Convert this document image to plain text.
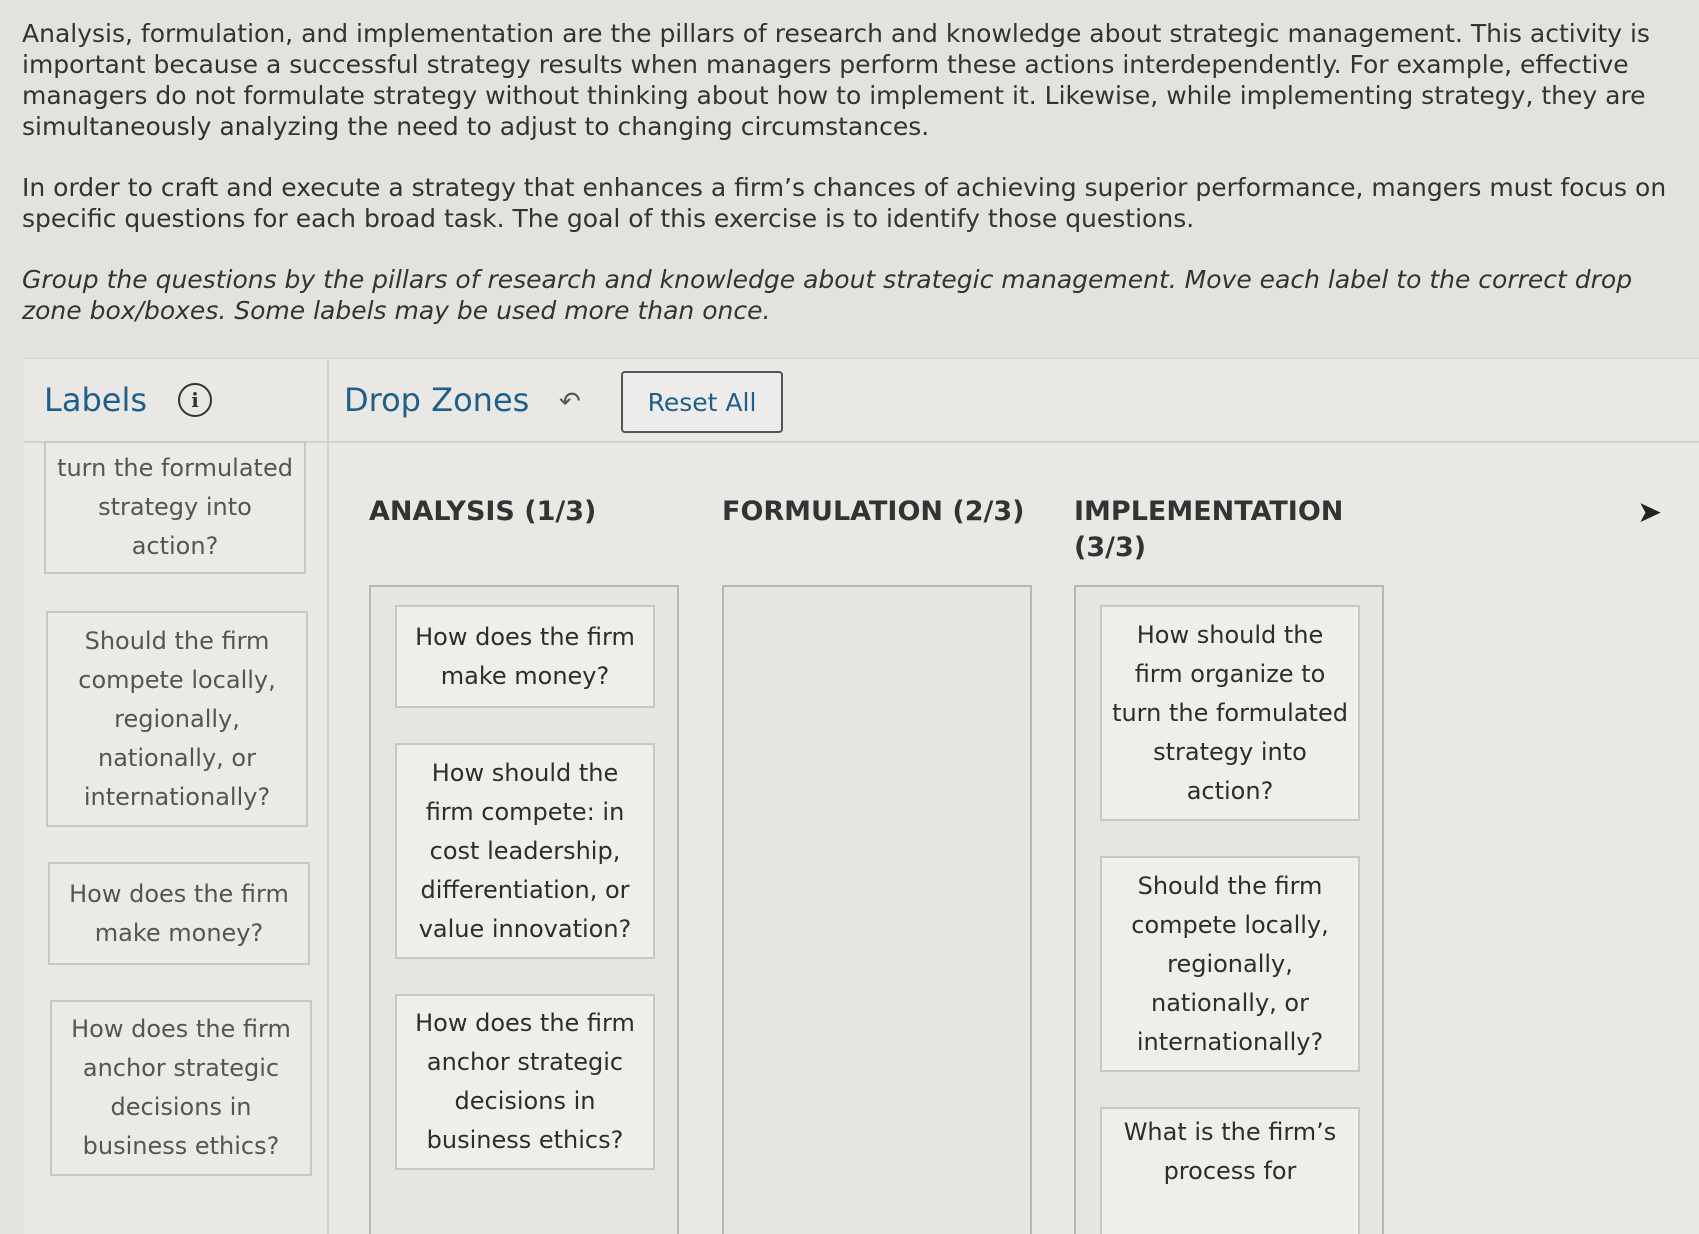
Analysis, formulation, and implementation are the pillars of research and knowledge about strategic management. This activity is important because a successful strategy results when managers perform these actions interdependently. For example, effective managers do not formulate strategy without thinking about how to implement it. Likewise, while implementing strategy, they are simultaneously analyzing the need to adjust to changing circumstances.

In order to craft and execute a strategy that enhances a firm’s chances of achieving superior performance, mangers must focus on specific questions for each broad task. The goal of this exercise is to identify those questions.

Group the questions by the pillars of research and knowledge about strategic management. Move each label to the correct drop zone box/boxes. Some labels may be used more than once.

Labels	i
turn the formulated strategy into action?
Should the firm compete locally, regionally, nationally, or internationally?
How does the firm make money?
How does the firm anchor strategic decisions in business ethics?
Drop Zones ↶	Reset All
ANALYSIS (1/3)	FORMULATION (2/3) IMPLEMENTATION (3/3)
How does the firm make money?
How should the firm compete: in cost leadership, differentiation, or value innovation?
How does the firm anchor strategic decisions in business ethics?
How should the firm organize to turn the formulated strategy into action?
Should the firm compete locally, regionally, nationally, or internationally?
What is the firm’s process for
➤
